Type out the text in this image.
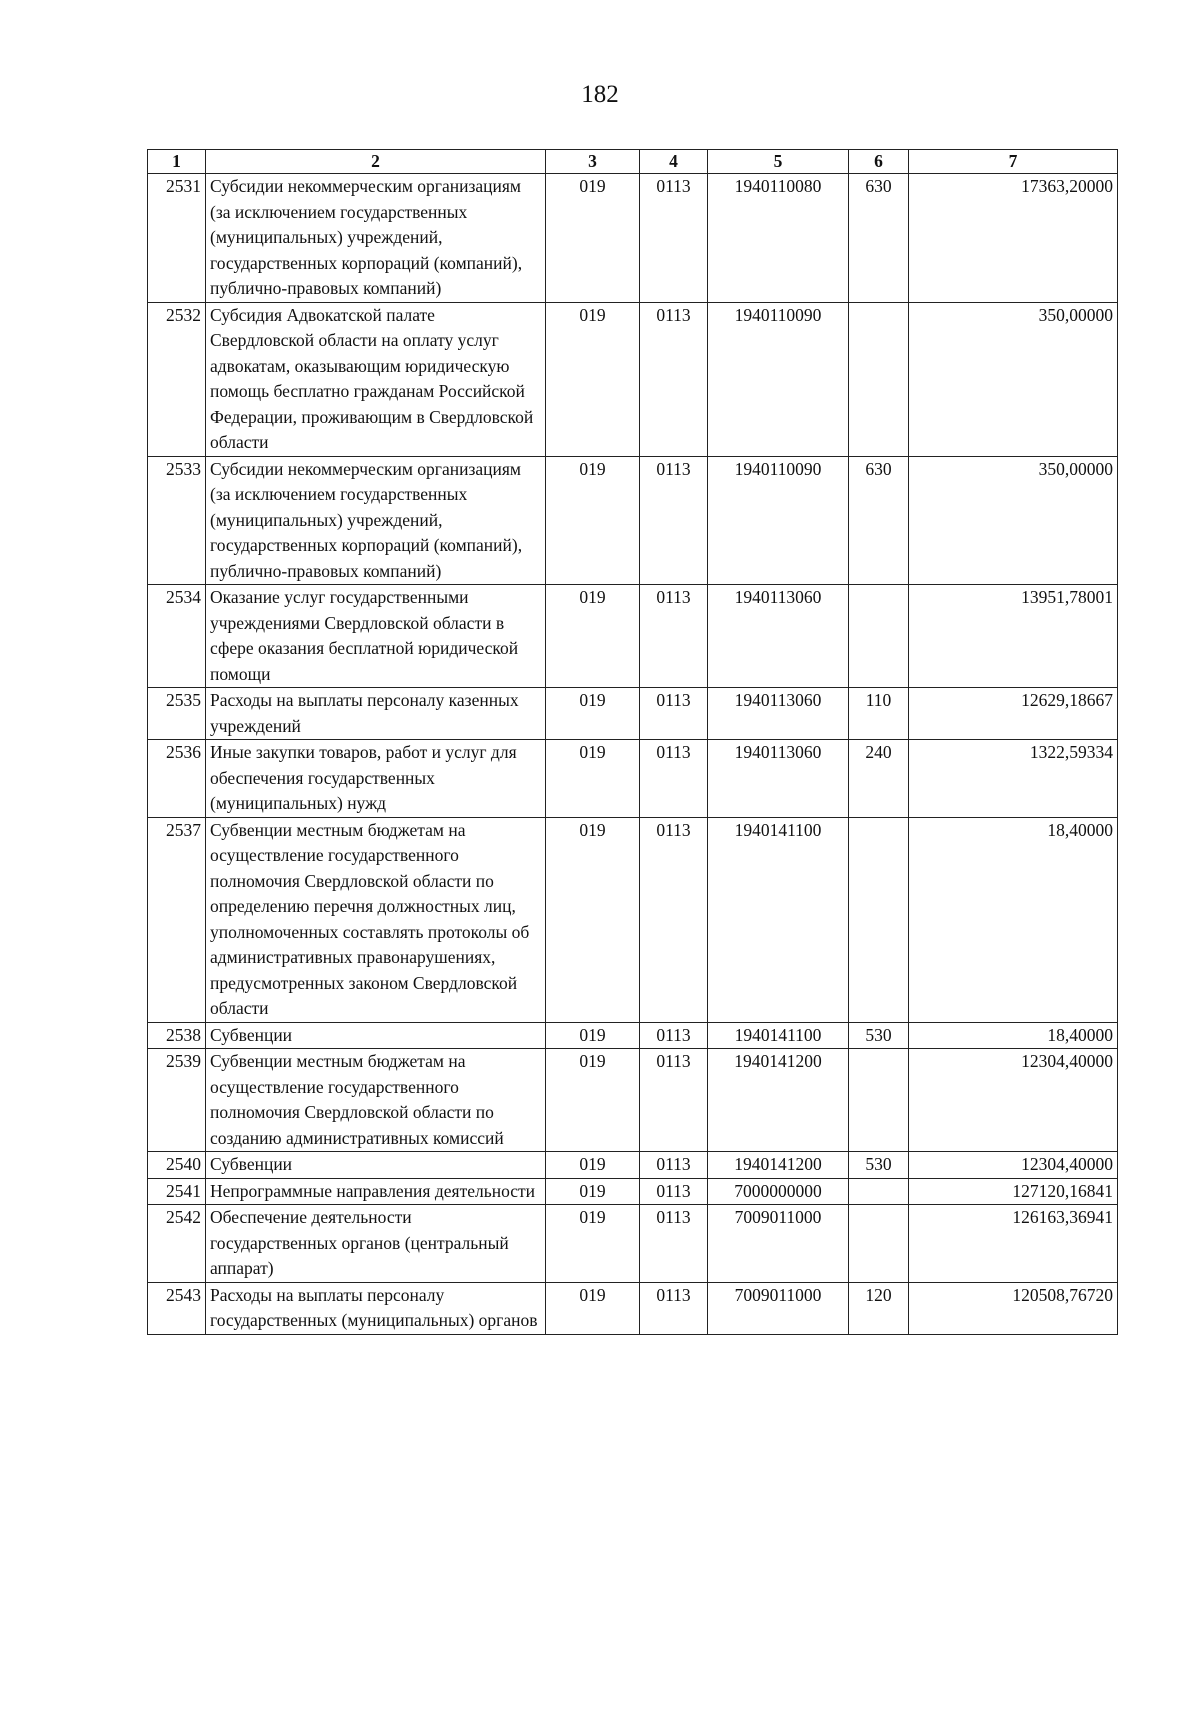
182
1	2	3	4	5	6	7
2531	Субсидии некоммерческим организациям (за исключением государственных (муниципальных) учреждений, государственных корпораций (компаний), публично-правовых компаний)	019	0113	1940110080	630	17363,20000
2532	Субсидия Адвокатской палате Свердловской области на оплату услуг адвокатам, оказывающим юридическую помощь бесплатно гражданам Российской Федерации, проживающим в Свердловской области	019	0113	1940110090		350,00000
2533	Субсидии некоммерческим организациям (за исключением государственных (муниципальных) учреждений, государственных корпораций (компаний), публично-правовых компаний)	019	0113	1940110090	630	350,00000
2534	Оказание услуг государственными учреждениями Свердловской области в сфере оказания бесплатной юридической помощи	019	0113	1940113060		13951,78001
2535	Расходы на выплаты персоналу казенных учреждений	019	0113	1940113060	110	12629,18667
2536	Иные закупки товаров, работ и услуг для обеспечения государственных (муниципальных) нужд	019	0113	1940113060	240	1322,59334
2537	Субвенции местным бюджетам на осуществление государственного полномочия Свердловской области по определению перечня должностных лиц, уполномоченных составлять протоколы об административных правонарушениях, предусмотренных законом Свердловской области	019	0113	1940141100		18,40000
2538	Субвенции	019	0113	1940141100	530	18,40000
2539	Субвенции местным бюджетам на осуществление государственного полномочия Свердловской области по созданию административных комиссий	019	0113	1940141200		12304,40000
2540	Субвенции	019	0113	1940141200	530	12304,40000
2541	Непрограммные направления деятельности	019	0113	7000000000		127120,16841
2542	Обеспечение деятельности государственных органов (центральный аппарат)	019	0113	7009011000		126163,36941
2543	Расходы на выплаты персоналу государственных (муниципальных) органов	019	0113	7009011000	120	120508,76720
